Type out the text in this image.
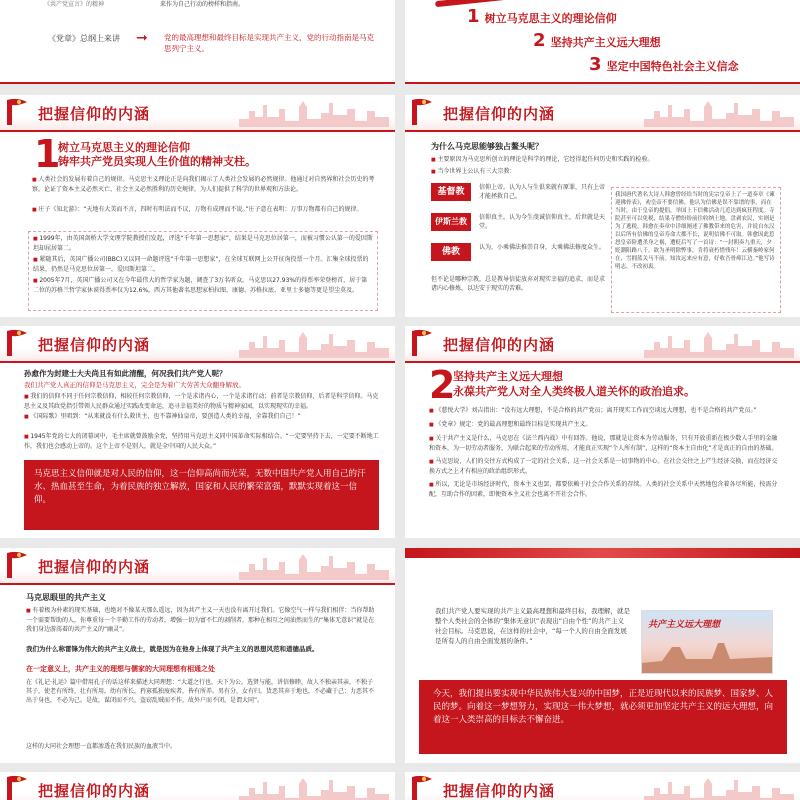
《共产党宣言》的精神	来作为自己行动的榜样和指南。
《党章》总纲上来讲 ➞ 党的最高理想和最终目标是实现共产主义，党的行动指南是马克思列宁主义。
1 树立马克思主义的理论信仰
2 坚持共产主义远大理想
3 坚定中国特色社会主义信念
把握信仰的内涵
1
树立马克思主义的理论信仰
铸牢共产党员实现人生价值的精神支柱。
■ 人类社会的发展有着自己的规律。马克思主义理论正是向我们揭示了人类社会发展的必然规律。他通过对自然界和社会历史的考察，论证了资本主义必然灭亡、社会主义必然胜利的历史规律，为人们提供了科学的世界观和方法论。
■ 庄子《知北游》：“天地有大美而不言，四时有明法而不议，万物有成理而不说。”庄子意在表明：万事万物都有自己的规律。
■ 1999年，由英国剑桥大学文理学院教授们发起，评选“千年第一思想家”，结果是马克思位居第一，而被习惯公认第一的爱因斯坦却屈居第二。
■ 紧随其后，英国广播公司(BBC)又以同一命题评选“千年第一思想家”，在全球互联网上公开征询投票一个月。汇集全球投票的结果，仍然是马克思位居第一，爱因斯坦第二。
■ 2005年7月，英国广播公司又在今年最伟大的哲学家为题，调查了3万名听众。马克思以27.93%的得票率荣登榜首，居于第二位的苏格兰哲学家休谟得票率仅为12.6%。西方其他著名思想家柏拉图、康德、苏格拉底、亚里士多德等更是望尘莫及。
把握信仰的内涵
为什么马克思能够独占鳌头呢？
■ 主要原因为马克思所创立的理论是科学的理论，它经得起任何历史和实践的检验。
■ 当今世界上公认有三大宗教：
基督教	信仰上帝。认为人与生俱来就有原罪，只有上帝才能拯救自己。
伊斯兰教	信仰真主。认为今生虔诚信仰真主，后世就是天堂。
佛教	认为，小乘佛法推崇自身，大乘佛法修度众生。
但不论是哪种宗教，总是教导信徒放弃对现实幸福的追求，而是求诸内心修炼，以达安于现实的苦难。
我国唐代著名大诗人韩愈曾经给当时的宪宗皇帝上了一道奏章《谏迎佛骨表》，劝皇帝不要信佛。他认为信佛是误不靠谱的事，而在当时，由于皇帝的提倡，举国上下信佛活动几近达到疯狂程度。寺院甚至可以免税，结果寺僧纷纷前往收纳土地，盘剥农民，实则是为了逃税。韩愈在奏章中详细阐述了佛教带来的危害，并说自东汉以后所有信佛的皇帝寿命大都不长，说明信佛不可取。韩愈因此惹怒皇帝险遭杀身之祸，遭贬后写了一首诗：“一封朝奏九重天，夕贬潮阳路八千。欲为圣明除弊事，肯将衰朽惜残年！云横秦岭家何在，雪拥蓝关马不前。知汝远来应有意，好收吾骨瘴江边。”他写诗明志，不改初衷。
把握信仰的内涵
孙愈作为封建士大夫尚且有如此清醒，何况我们共产党人呢？
我们共产党人真正的信仰是马克思主义，完全是为着广大劳苦大众翻身解放。
■ 我们的信仰不同于任何宗教信仰，相较任何宗教信仰，一个是求诸内心，一个是求诸行动；前者是宗教信仰，后者是科学信仰。马克思主义及其政党指引带领人民群众通过实践改变命运，追寻幸福美好的物质与精神家园，以实现现实的幸福。
■ 《国际歌》里唱到：“从来就没有什么救世主，也不靠神仙皇帝，要创造人类的幸福，全靠我们自己！”
■ 1945年党的七大的闭幕词中，毛主席就曾鼓励全党，坚持用马克思主义同中国革命实际相结合。“一定要坚持下去，一定要不断地工作，我们也会感动上帝的。这个上帝不是别人，就是全中国的人民大众。”
马克思主义信仰就是对人民的信仰，这一信仰高尚而光荣，无数中国共产党人用自己的汗水、热血甚至生命，为着民族的独立解放，国家和人民的繁荣富强，默默实现着这一信仰。
把握信仰的内涵
2
坚持共产主义远大理想
永葆共产党人对全人类终极人道关怀的政治追求。
■ 《慈悦大学》刘吉指出：“没有远大理想，不是合格的共产党员；离开现实工作而空谈远大理想，也不是合格的共产党员。”
■ 《党章》规定：党的最高理想和最终目标是实现共产主义。
■ 关于共产主义是什么，马克思在《法兰西内战》中有回答。他说，那就是让资本为劳动服务，只有开放重新在极少数人手里的金融和资本，为一切劳动者服务，为联合起来的劳动所用，才能真正实现“个人所有制”，这样的“资本主自由化”才是真正的自由的基础。
■ 马克思说，人们的交往方式构成了一定的社会关系，这一社会关系是一切事物的中心。在社会交往之上产生经济交换，而在经济交换方式之上才有相应的政治组织形式。
■ 所以，无论是市场经济时代，资本主义也罢，都要依赖于社会合作关系的存续。人类的社会关系中天然地包含着各尽所能，按需分配，互助合作的因素，即便资本主义社会也离不开社会合作。
把握信仰的内涵
马克思眼里的共产主义
■ 有着极为朴素的现实基础，也绝对不像某天那么遥远，因为共产主义一天也没有离开过我们。它像空气一样与我们相伴：当你帮助一个需要帮助的人，你尊重每一个辛勤工作的劳动者，增强一切为富不仁的剥削者，那种在相互之间油然而生的“集体无意识”就是在我们身边游荡着的共产主义的“幽灵”。
我们为什么称雷锋为伟大的共产主义战士，就是因为在他身上体现了共产主义的思想风范和道德品质。
在一定意义上，共产主义的理想与儒家的大同理想有相通之处
在《礼记·礼运》篇中借用孔子的话这样来描述大同理想：“大道之行也，天下为公。选贤与能，讲信修睦，故人不独亲其亲，不独子其子，使老有所终，壮有所用，幼有所长，矜寡孤独废疾者，皆有所养。男有分，女有归。货恶其弃于地也，不必藏于己；力恶其不出于身也，不必为己。是故，谋闭而不兴，盗窃乱贼而不作，故外户而不闭，是谓大同”。
这样的大同社会理想一直都渗透在我们民族的血液当中。
我们共产党人要实现的共产主义最高理想和最终目标，我理解，就是整个人类社会的全体的“集体无意识”表现出“自由个性”的共产主义社会目标。马克思说，在这样的社会中，“每一个人的自由全面发展是所有人的自由全面发展的条件。”
共产主义远大理想
今天，我们提出要实现中华民族伟大复兴的中国梦，正是近现代以来的民族梦、国家梦、人民的梦。向着这一梦想努力，实现这一伟大梦想，就必须更加坚定共产主义的远大理想，向着这一人类崇高的目标去不懈奋进。
把握信仰的内涵	把握信仰的内涵
